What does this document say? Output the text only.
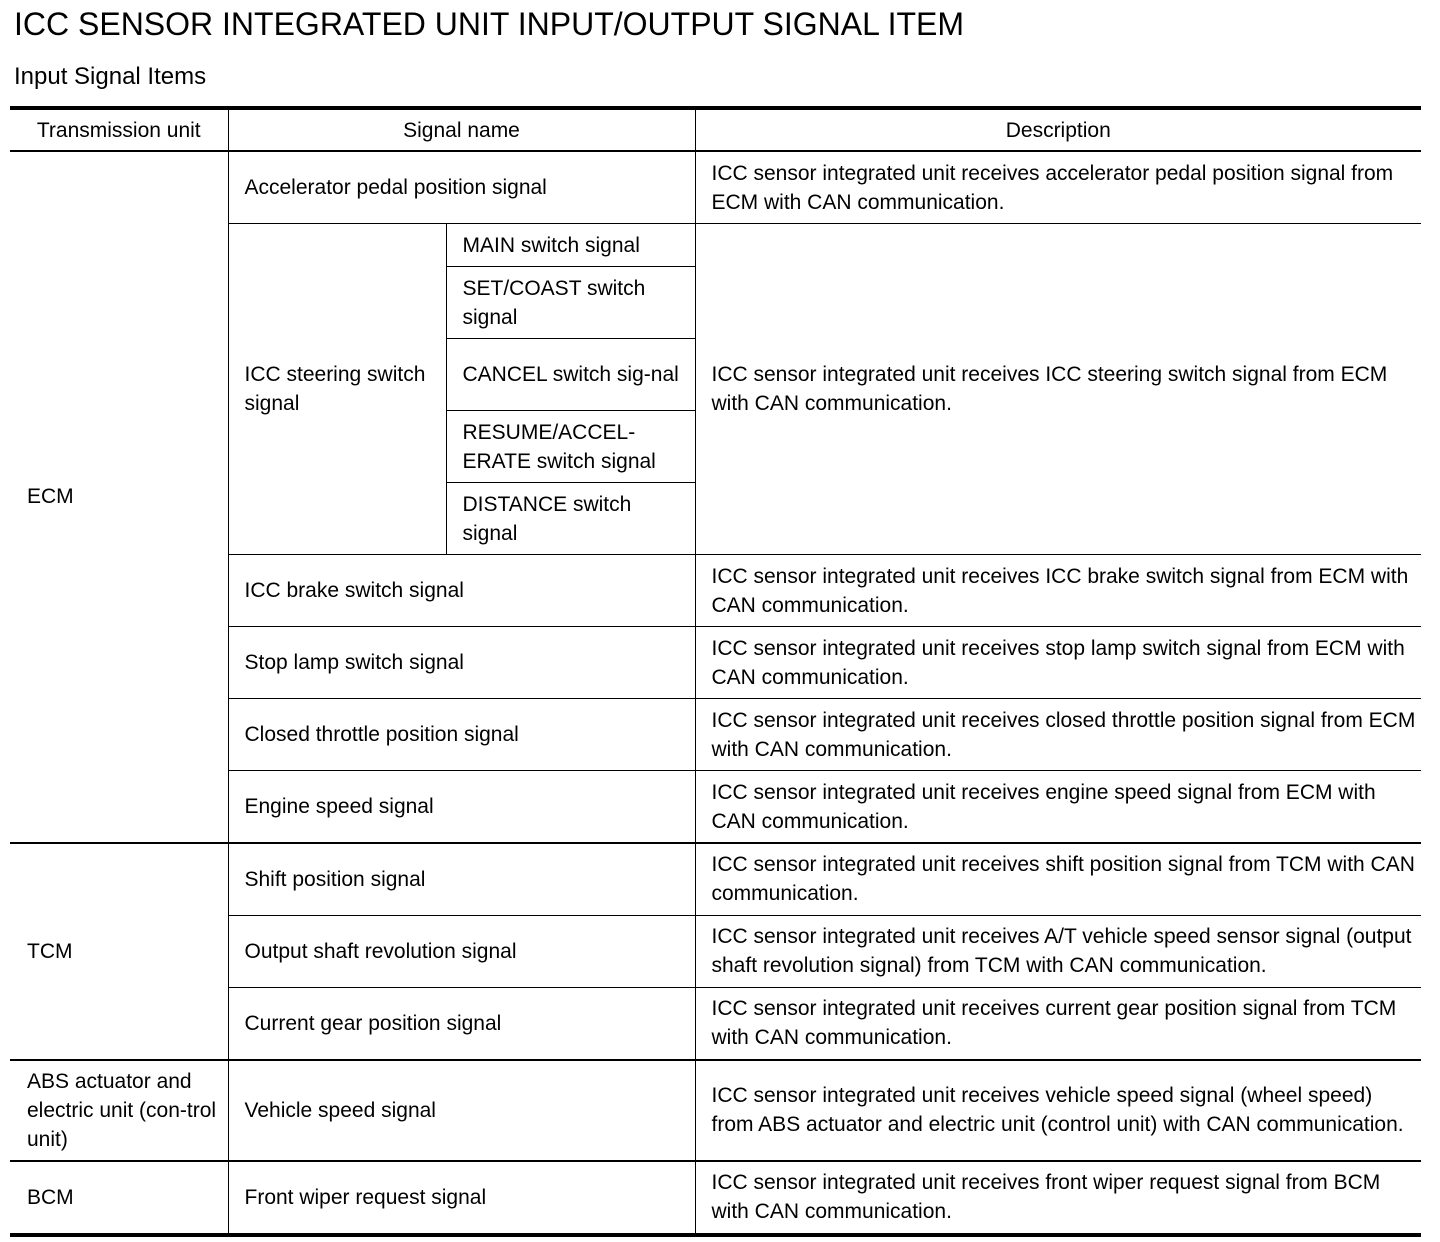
ICC SENSOR INTEGRATED UNIT INPUT/OUTPUT SIGNAL ITEM
Input Signal Items
Transmission unit	Signal name		Description
ECM	Accelerator pedal position signal		ICC sensor integrated unit receives accelerator pedal position signal from ECM with CAN communication.
	ICC steering switch signal	MAIN switch signal	ICC sensor integrated unit receives ICC steering switch signal from ECM with CAN communication.
		SET/COAST switch signal	
		CANCEL switch sig-nal	
		RESUME/ACCEL-ERATE switch signal	
		DISTANCE switch signal	
	ICC brake switch signal		ICC sensor integrated unit receives ICC brake switch signal from ECM with CAN communication.
	Stop lamp switch signal		ICC sensor integrated unit receives stop lamp switch signal from ECM with CAN communication.
	Closed throttle position signal		ICC sensor integrated unit receives closed throttle position signal from ECM with CAN communication.
	Engine speed signal		ICC sensor integrated unit receives engine speed signal from ECM with CAN communication.

TCM	Shift position signal		ICC sensor integrated unit receives shift position signal from TCM with CAN communication.
	Output shaft revolution signal		ICC sensor integrated unit receives A/T vehicle speed sensor signal (output shaft revolution signal) from TCM with CAN communication.
	Current gear position signal		ICC sensor integrated unit receives current gear position signal from TCM with CAN communication.
ABS actuator and electric unit (con-trol unit)	Vehicle speed signal		ICC sensor integrated unit receives vehicle speed signal (wheel speed) from ABS actuator and electric unit (control unit) with CAN communication.
BCM	Front wiper request signal		ICC sensor integrated unit receives front wiper request signal from BCM with CAN communication.
